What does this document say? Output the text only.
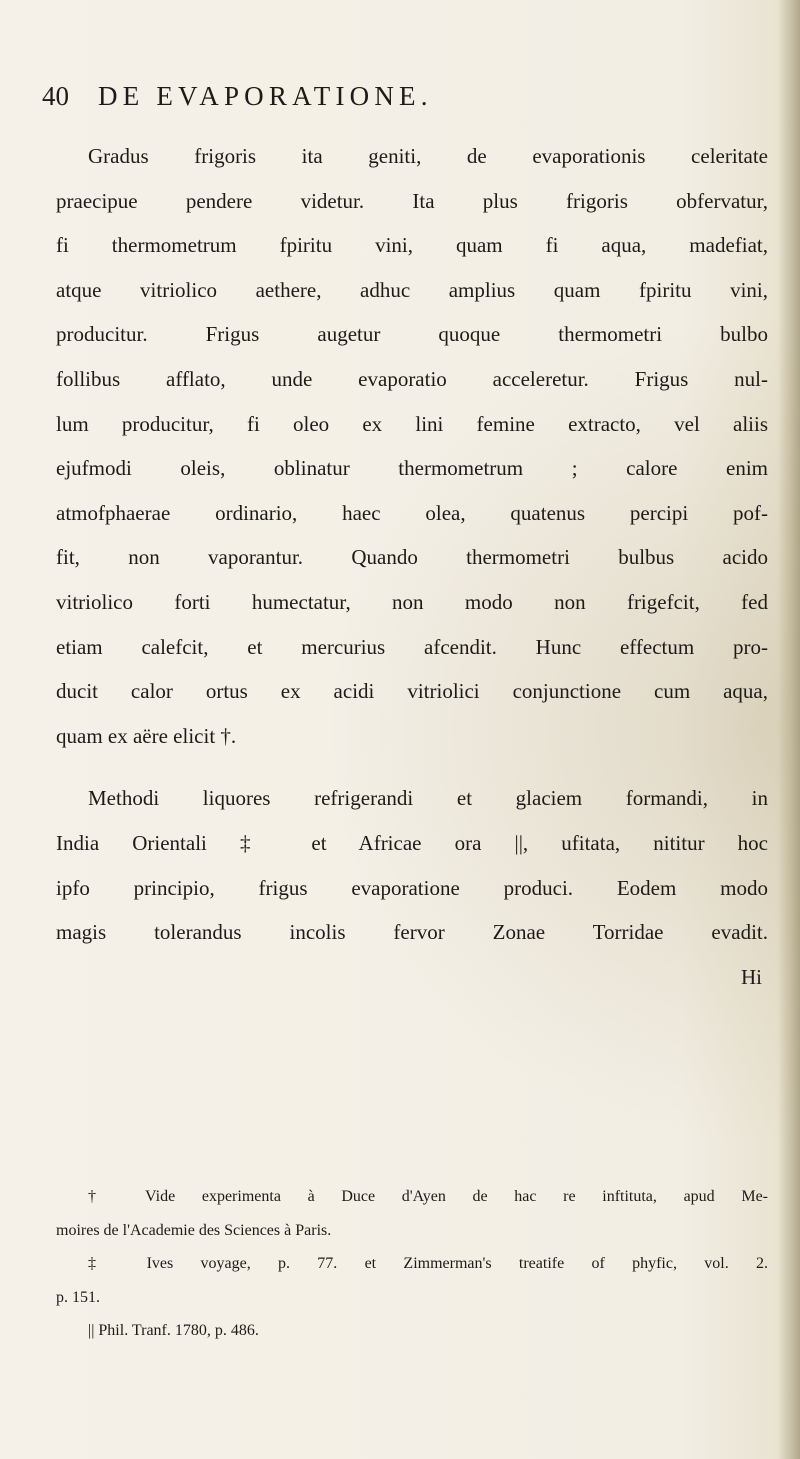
40 DE EVAPORATIONE.
Gradus frigoris ita geniti, de evaporationis celeritate
praecipue pendere videtur. Ita plus frigoris obfervatur,
fi thermometrum fpiritu vini, quam fi aqua, madefiat,
atque vitriolico aethere, adhuc amplius quam fpiritu vini,
producitur. Frigus augetur quoque thermometri bulbo
follibus afflato, unde evaporatio acceleretur. Frigus nul-
lum producitur, fi oleo ex lini femine extracto, vel aliis
ejufmodi oleis, oblinatur thermometrum ; calore enim
atmofphaerae ordinario, haec olea, quatenus percipi pof-
fit, non vaporantur. Quando thermometri bulbus acido
vitriolico forti humectatur, non modo non frigefcit, fed
etiam calefcit, et mercurius afcendit. Hunc effectum pro-
ducit calor ortus ex acidi vitriolici conjunctione cum aqua,
quam ex aëre elicit †.
Methodi liquores refrigerandi et glaciem formandi, in
India Orientali ‡ et Africae ora ||, ufitata, nititur hoc
ipfo principio, frigus evaporatione produci. Eodem modo
magis tolerandus incolis fervor Zonae Torridae evadit.
Hi
† Vide experimenta à Duce d'Ayen de hac re inftituta, apud Me-
moires de l'Academie des Sciences à Paris.
‡ Ives voyage, p. 77. et Zimmerman's treatife of phyfic, vol. 2.
p. 151.
|| Phil. Tranf. 1780, p. 486.
